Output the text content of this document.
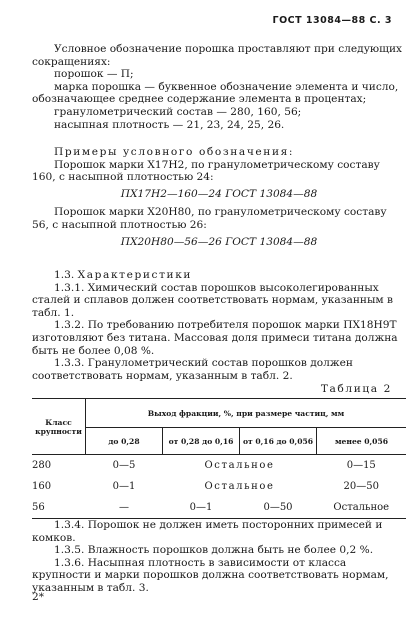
ГОСТ 13084—88 С. 3

Условное обозначение порошка проставляют при следующих сокращениях:

порошок — П;

марка порошка — буквенное обозначение элемента и число, обозначающее среднее содержание элемента в процентах;

гранулометрический состав — 280, 160, 56;

насыпная плотность — 21, 23, 24, 25, 26.

Примеры условного обозначения:

Порошок марки Х17Н2, по гранулометрическому составу 160, с насыпной плотностью 24:

ПХ17Н2—160—24 ГОСТ 13084—88

Порошок марки Х20Н80, по гранулометрическому составу 56, с насыпной плотностью 26:

ПХ20Н80—56—26 ГОСТ 13084—88

1.3. Характеристики

1.3.1. Химический состав порошков высоколегированных сталей и сплавов должен соответствовать нормам, указанным в табл. 1.

1.3.2. По требованию потребителя порошок марки ПХ18Н9Т изготовляют без титана. Массовая доля примеси титана должна быть не более 0,08 %.

1.3.3. Гранулометрический состав порошков должен соответствовать нормам, указанным в табл. 2.

Таблица 2
Класс крупности	Выход фракции, %, при размере частиц, мм			
	до 0,28	от 0,28 до 0,16	от 0,16 до 0,056	менее 0,056
280	0—5	Остальное		0—15
160	0—1	Остальное		20—50
56	—	0—1	0—50	Остальное

1.3.4. Порошок не должен иметь посторонних примесей и комков.

1.3.5. Влажность порошков должна быть не более 0,2 %.

1.3.6. Насыпная плотность в зависимости от класса крупности и марки порошков должна соответствовать нормам, указанным в табл. 3.

2*
